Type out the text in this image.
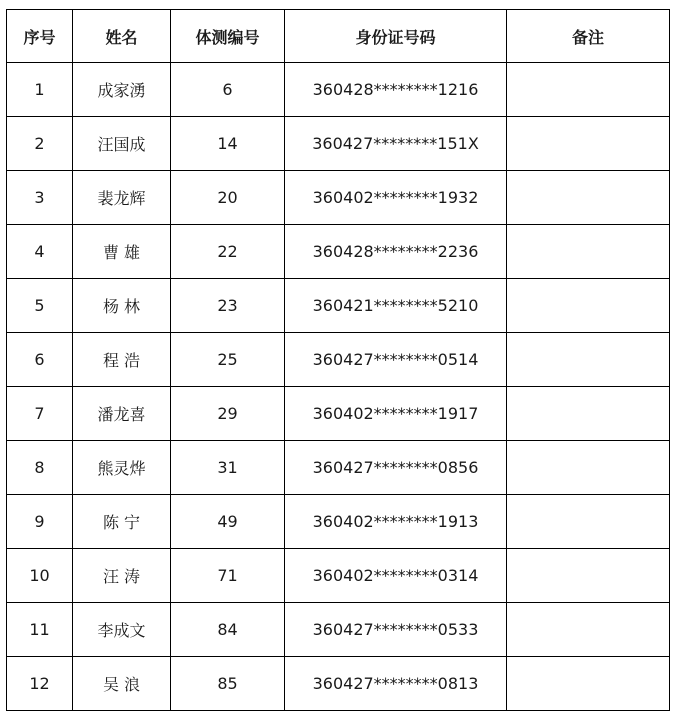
序号	姓名	体测编号	身份证号码	备注
1	成家湧	6	360428********1216	
2	汪国成	14	360427********151X	
3	裴龙辉	20	360402********1932	
4	曹 雄	22	360428********2236	
5	杨 林	23	360421********5210	
6	程 浩	25	360427********0514	
7	潘龙喜	29	360402********1917	
8	熊灵烨	31	360427********0856	
9	陈 宁	49	360402********1913	
10	汪 涛	71	360402********0314	
11	李成文	84	360427********0533	
12	吴 浪	85	360427********0813	
